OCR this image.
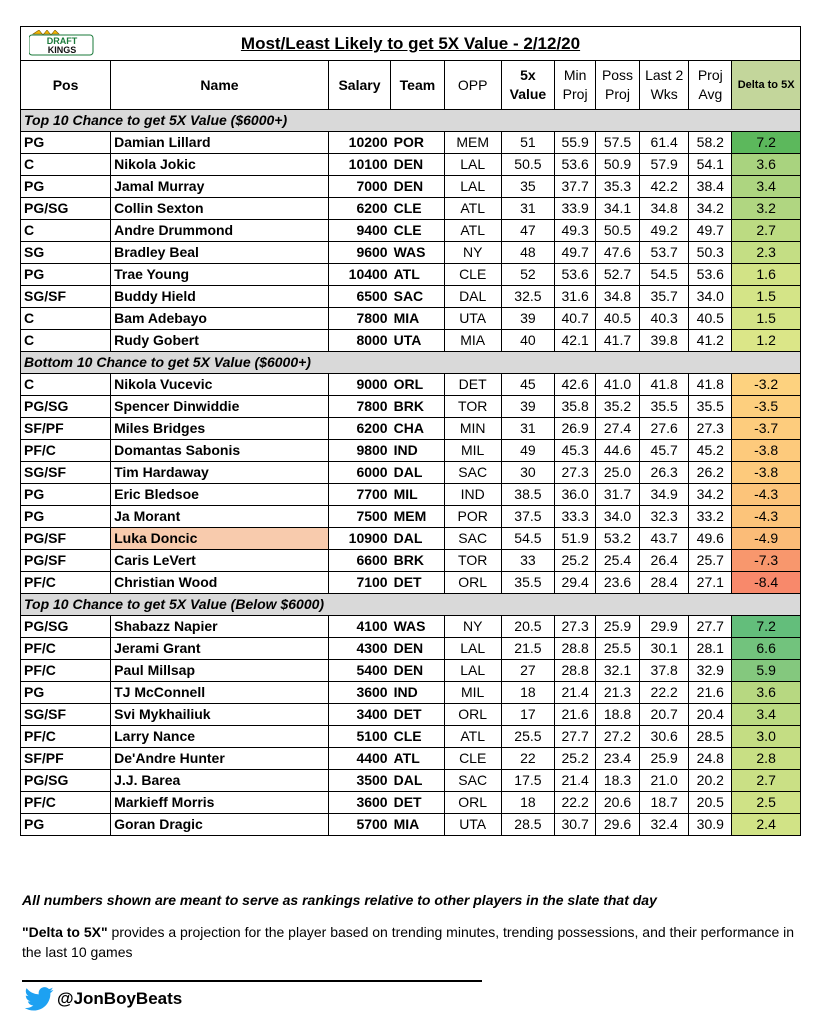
DRAFT
KINGS Most/Least Likely to get 5X Value - 2/12/20										
Pos	Name	Salary	Team	OPP	5x Value	Min Proj	Poss Proj	Last 2 Wks	Proj Avg	Delta to 5X
Top 10 Chance to get 5X Value ($6000+)										
PG	Damian Lillard	10200	POR	MEM	51	55.9	57.5	61.4	58.2	7.2
C	Nikola Jokic	10100	DEN	LAL	50.5	53.6	50.9	57.9	54.1	3.6
PG	Jamal Murray	7000	DEN	LAL	35	37.7	35.3	42.2	38.4	3.4
PG/SG	Collin Sexton	6200	CLE	ATL	31	33.9	34.1	34.8	34.2	3.2
C	Andre Drummond	9400	CLE	ATL	47	49.3	50.5	49.2	49.7	2.7
SG	Bradley Beal	9600	WAS	NY	48	49.7	47.6	53.7	50.3	2.3
PG	Trae Young	10400	ATL	CLE	52	53.6	52.7	54.5	53.6	1.6
SG/SF	Buddy Hield	6500	SAC	DAL	32.5	31.6	34.8	35.7	34.0	1.5
C	Bam Adebayo	7800	MIA	UTA	39	40.7	40.5	40.3	40.5	1.5
C	Rudy Gobert	8000	UTA	MIA	40	42.1	41.7	39.8	41.2	1.2
Bottom 10 Chance to get 5X Value ($6000+)										
C	Nikola Vucevic	9000	ORL	DET	45	42.6	41.0	41.8	41.8	-3.2
PG/SG	Spencer Dinwiddie	7800	BRK	TOR	39	35.8	35.2	35.5	35.5	-3.5
SF/PF	Miles Bridges	6200	CHA	MIN	31	26.9	27.4	27.6	27.3	-3.7
PF/C	Domantas Sabonis	9800	IND	MIL	49	45.3	44.6	45.7	45.2	-3.8
SG/SF	Tim Hardaway	6000	DAL	SAC	30	27.3	25.0	26.3	26.2	-3.8
PG	Eric Bledsoe	7700	MIL	IND	38.5	36.0	31.7	34.9	34.2	-4.3
PG	Ja Morant	7500	MEM	POR	37.5	33.3	34.0	32.3	33.2	-4.3
PG/SF	Luka Doncic	10900	DAL	SAC	54.5	51.9	53.2	43.7	49.6	-4.9
PG/SF	Caris LeVert	6600	BRK	TOR	33	25.2	25.4	26.4	25.7	-7.3
PF/C	Christian Wood	7100	DET	ORL	35.5	29.4	23.6	28.4	27.1	-8.4
Top 10 Chance to get 5X Value (Below $6000)										
PG/SG	Shabazz Napier	4100	WAS	NY	20.5	27.3	25.9	29.9	27.7	7.2
PF/C	Jerami Grant	4300	DEN	LAL	21.5	28.8	25.5	30.1	28.1	6.6
PF/C	Paul Millsap	5400	DEN	LAL	27	28.8	32.1	37.8	32.9	5.9
PG	TJ McConnell	3600	IND	MIL	18	21.4	21.3	22.2	21.6	3.6
SG/SF	Svi Mykhailiuk	3400	DET	ORL	17	21.6	18.8	20.7	20.4	3.4
PF/C	Larry Nance	5100	CLE	ATL	25.5	27.7	27.2	30.6	28.5	3.0
SF/PF	De'Andre Hunter	4400	ATL	CLE	22	25.2	23.4	25.9	24.8	2.8
PG/SG	J.J. Barea	3500	DAL	SAC	17.5	21.4	18.3	21.0	20.2	2.7
PF/C	Markieff Morris	3600	DET	ORL	18	22.2	20.6	18.7	20.5	2.5
PG	Goran Dragic	5700	MIA	UTA	28.5	30.7	29.6	32.4	30.9	2.4
All numbers shown are meant to serve as rankings relative to other players in the slate that day
"Delta to 5X" provides a projection for the player based on trending minutes, trending possessions, and their performance in the last 10 games
@JonBoyBeats
